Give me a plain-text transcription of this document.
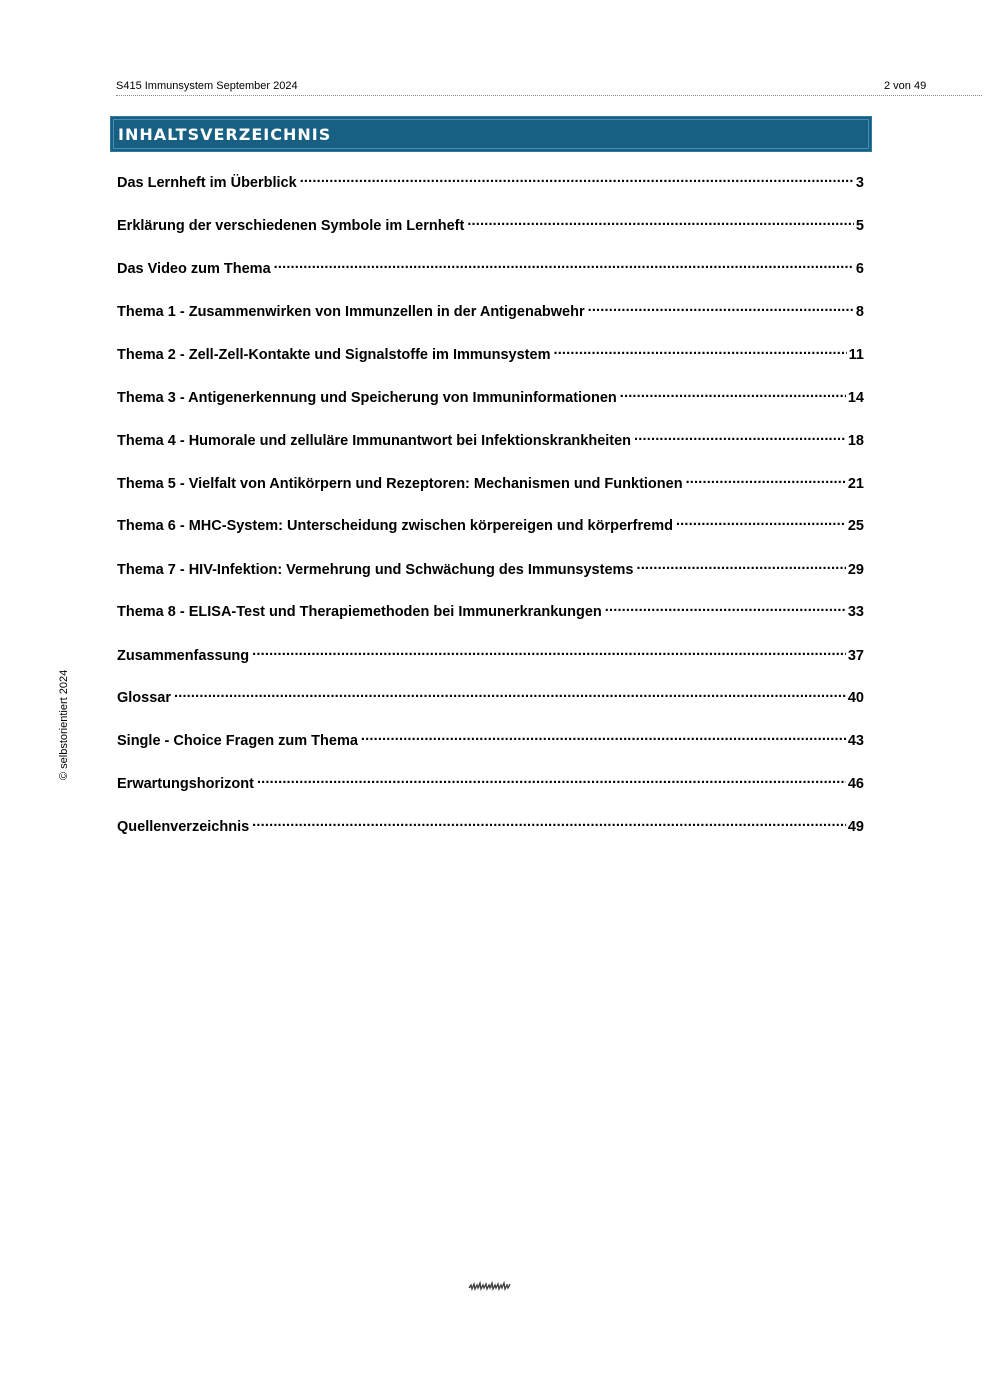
S415 Immunsystem September 2024	2 von 49
INHALTSVERZEICHNIS
Das Lernheft im Überblick .....	3
Erklärung der verschiedenen Symbole im Lernheft .....	5
Das Video zum Thema .....	6
Thema 1 - Zusammenwirken von Immunzellen in der Antigenabwehr .....	8
Thema 2 - Zell-Zell-Kontakte und Signalstoffe im Immunsystem .....	11
Thema 3 - Antigenerkennung und Speicherung von Immuninformationen .....	14
Thema 4 - Humorale und zelluläre Immunantwort bei Infektionskrankheiten .....	18
Thema 5 - Vielfalt von Antikörpern und Rezeptoren: Mechanismen und Funktionen .....	21
Thema 6 - MHC-System: Unterscheidung zwischen körpereigen und körperfremd .....	25
Thema 7 - HIV-Infektion: Vermehrung und Schwächung des Immunsystems .....	29
Thema 8 - ELISA-Test und Therapiemethoden bei Immunerkrankungen .....	33
Zusammenfassung .....	37
Glossar .....	40
Single - Choice Fragen zum Thema .....	43
Erwartungshorizont .....	46
Quellenverzeichnis .....	49
© selbstorientiert 2024
